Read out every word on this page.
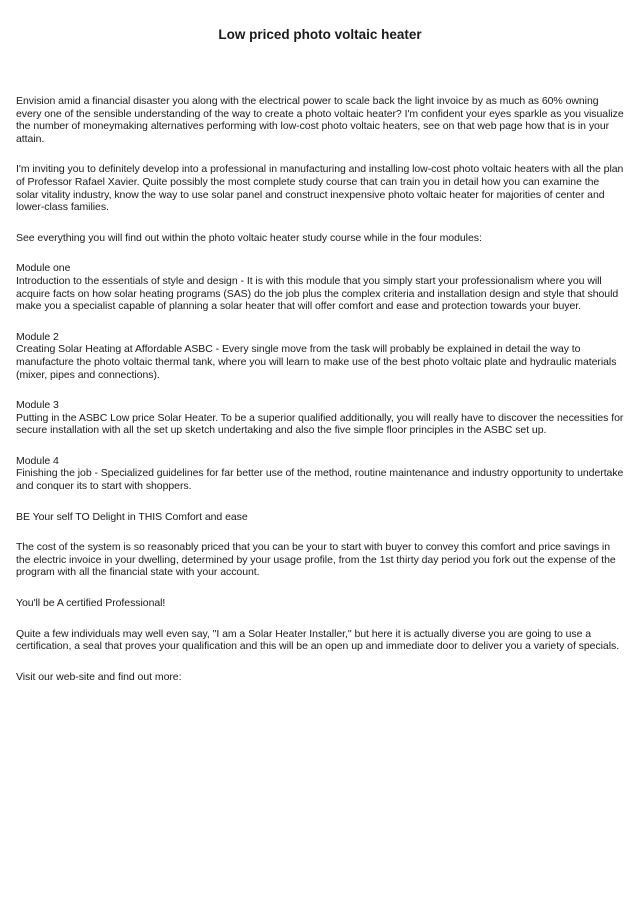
Low priced photo voltaic heater

Envision amid a financial disaster you along with the electrical power to scale back the light invoice by as much as 60% owning every one of the sensible understanding of the way to create a photo voltaic heater? I'm confident your eyes sparkle as you visualize the number of moneymaking alternatives performing with low-cost photo voltaic heaters, see on that web page how that is in your attain.

I'm inviting you to definitely develop into a professional in manufacturing and installing low-cost photo voltaic heaters with all the plan of Professor Rafael Xavier. Quite possibly the most complete study course that can train you in detail how you can examine the solar vitality industry, know the way to use solar panel and construct inexpensive photo voltaic heater for majorities of center and lower-class families.

See everything you will find out within the photo voltaic heater study course while in the four modules:

Module one
Introduction to the essentials of style and design - It is with this module that you simply start your professionalism where you will acquire facts on how solar heating programs (SAS) do the job plus the complex criteria and installation design and style that should make you a specialist capable of planning a solar heater that will offer comfort and ease and protection towards your buyer.
Module 2
Creating Solar Heating at Affordable ASBC - Every single move from the task will probably be explained in detail the way to manufacture the photo voltaic thermal tank, where you will learn to make use of the best photo voltaic plate and hydraulic materials (mixer, pipes and connections).
Module 3
Putting in the ASBC Low price Solar Heater. To be a superior qualified additionally, you will really have to discover the necessities for secure installation with all the set up sketch undertaking and also the five simple floor principles in the ASBC set up.
Module 4
Finishing the job - Specialized guidelines for far better use of the method, routine maintenance and industry opportunity to undertake and conquer its to start with shoppers.

BE Your self TO Delight in THIS Comfort and ease

The cost of the system is so reasonably priced that you can be your to start with buyer to convey this comfort and price savings in the electric invoice in your dwelling, determined by your usage profile, from the 1st thirty day period you fork out the expense of the program with all the financial state with your account.

You'll be A certified Professional!

Quite a few individuals may well even say, "I am a Solar Heater Installer," but here it is actually diverse you are going to use a certification, a seal that proves your qualification and this will be an open up and immediate door to deliver you a variety of specials.

Visit our web-site and find out more:
